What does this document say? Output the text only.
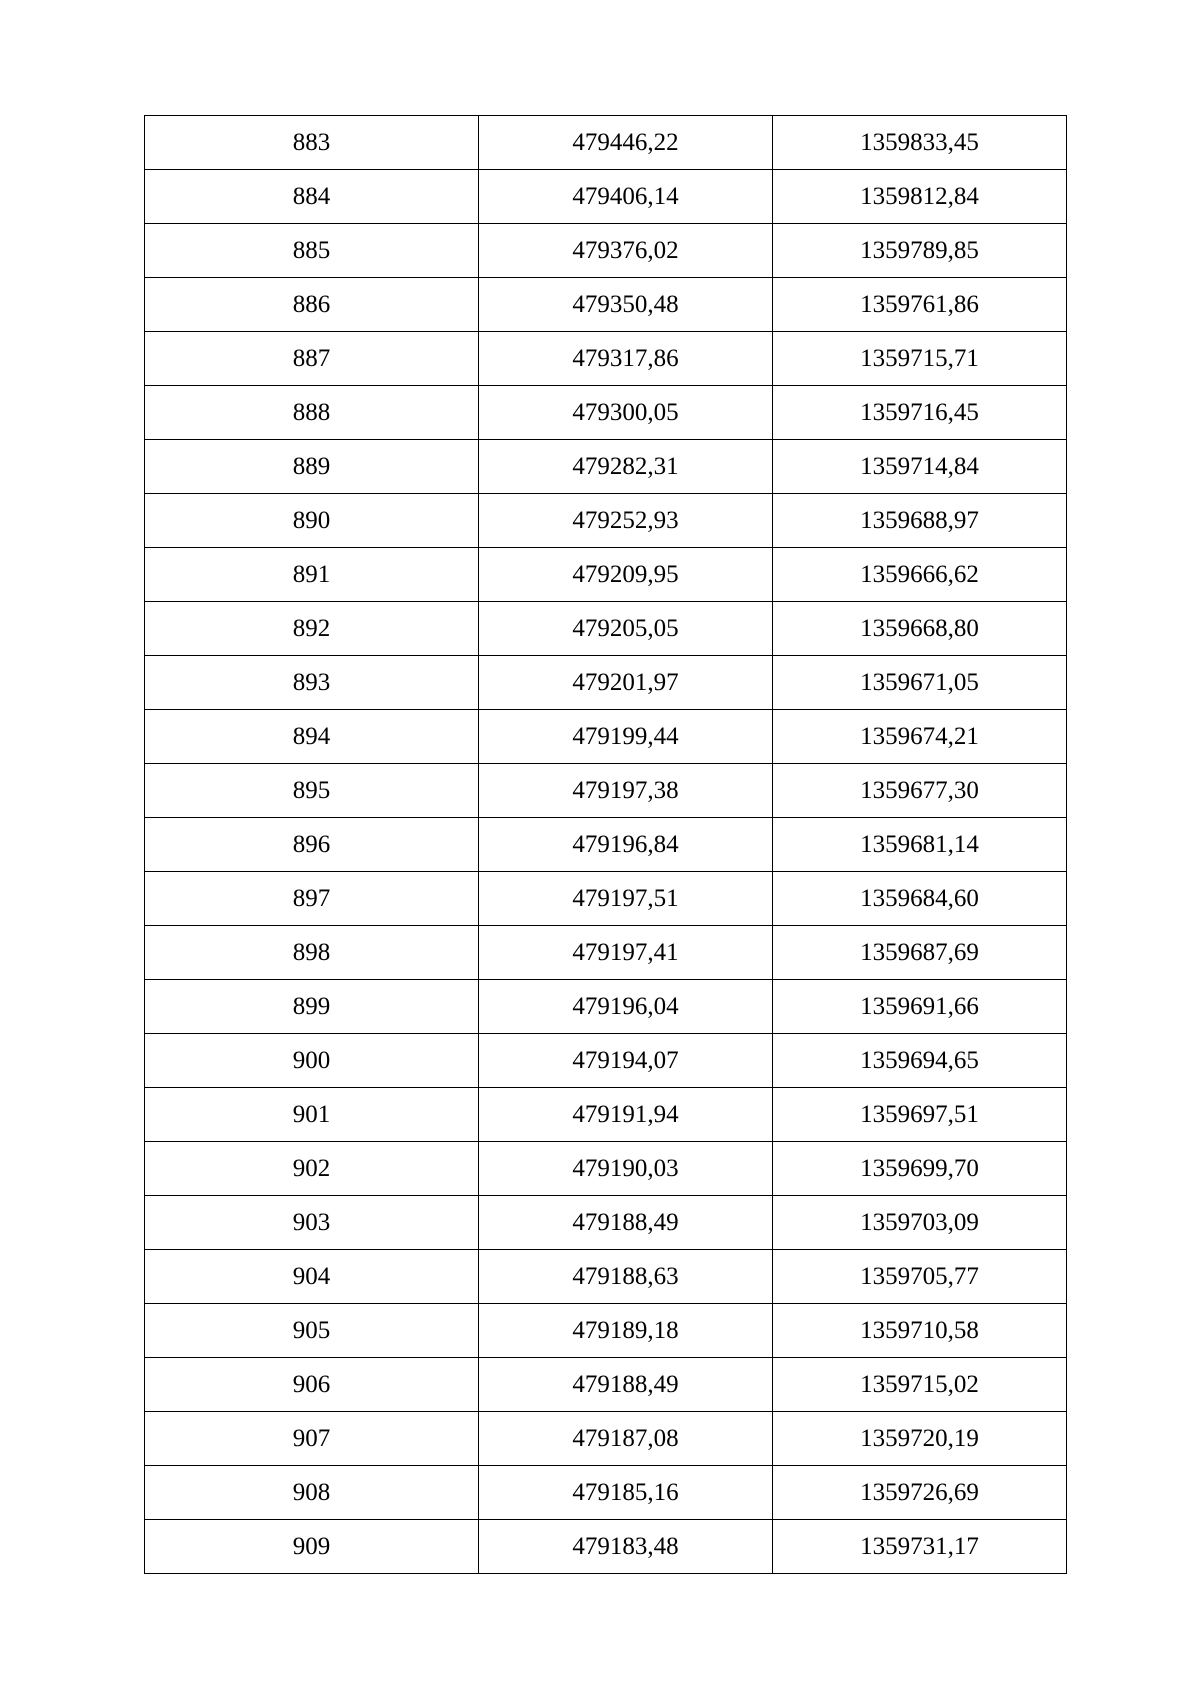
883	479446,22	1359833,45
884	479406,14	1359812,84
885	479376,02	1359789,85
886	479350,48	1359761,86
887	479317,86	1359715,71
888	479300,05	1359716,45
889	479282,31	1359714,84
890	479252,93	1359688,97
891	479209,95	1359666,62
892	479205,05	1359668,80
893	479201,97	1359671,05
894	479199,44	1359674,21
895	479197,38	1359677,30
896	479196,84	1359681,14
897	479197,51	1359684,60
898	479197,41	1359687,69
899	479196,04	1359691,66
900	479194,07	1359694,65
901	479191,94	1359697,51
902	479190,03	1359699,70
903	479188,49	1359703,09
904	479188,63	1359705,77
905	479189,18	1359710,58
906	479188,49	1359715,02
907	479187,08	1359720,19
908	479185,16	1359726,69
909	479183,48	1359731,17
